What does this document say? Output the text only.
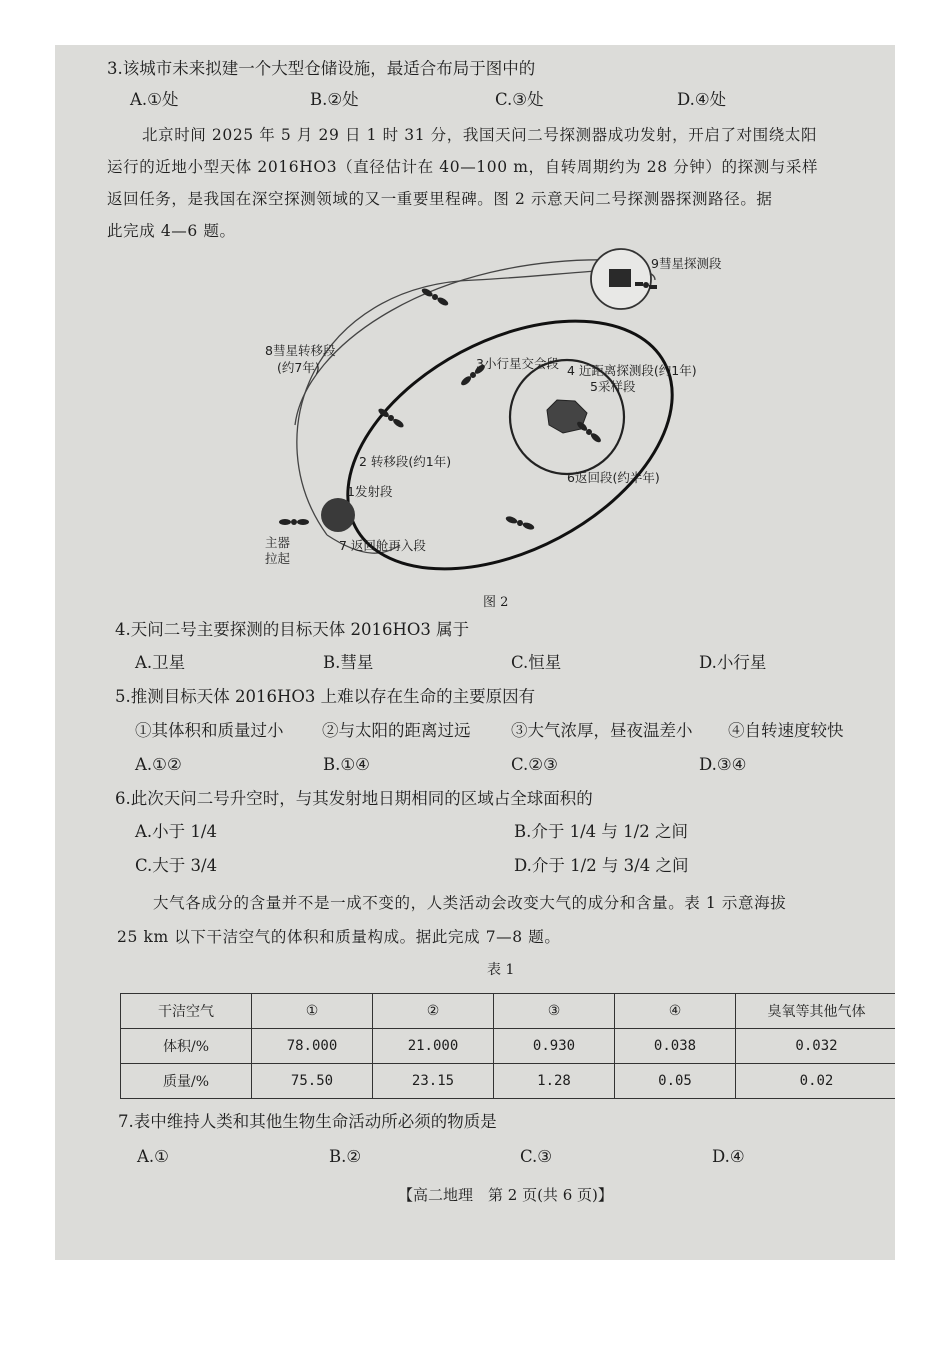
3.该城市未来拟建一个大型仓储设施，最适合布局于图中的
A.①处	B.②处	C.③处	D.④处
北京时间 2025 年 5 月 29 日 1 时 31 分，我国天问二号探测器成功发射，开启了对围绕太阳
运行的近地小型天体 2016HO3（直径估计在 40—100 m，自转周期约为 28 分钟）的探测与采样
返回任务，是我国在深空探测领域的又一重要里程碑。图 2 示意天问二号探测器探测路径。据
此完成 4—6 题。
9彗星探测段
8彗星转移段
(约7年)	3小行星交会段 4 近距离探测段(约1年)
5采样段
2 转移段(约1年)
1发射段
6返回段(约半年)
7 返回舱再入段
主器
拉起
图 2
4.天问二号主要探测的目标天体 2016HO3 属于
A.卫星	B.彗星	C.恒星	D.小行星
5.推测目标天体 2016HO3 上难以存在生命的主要原因有
①其体积和质量过小 ②与太阳的距离过远 ③大气浓厚，昼夜温差小 ④自转速度较快
A.①②	B.①④	C.②③	D.③④
6.此次天问二号升空时，与其发射地日期相同的区域占全球面积的
A.小于 1/4	B.介于 1/4 与 1/2 之间
C.大于 3/4	D.介于 1/2 与 3/4 之间
大气各成分的含量并不是一成不变的，人类活动会改变大气的成分和含量。表 1 示意海拔
25 km 以下干洁空气的体积和质量构成。据此完成 7—8 题。
表 1
干洁空气	①	②	③	④	臭氧等其他气体
体积/%	78.000	21.000	0.930	0.038	0.032
质量/%	75.50	23.15	1.28	0.05	0.02
7.表中维持人类和其他生物生命活动所必须的物质是
A.①	B.②	C.③	D.④
【高二地理　第 2 页(共 6 页)】
